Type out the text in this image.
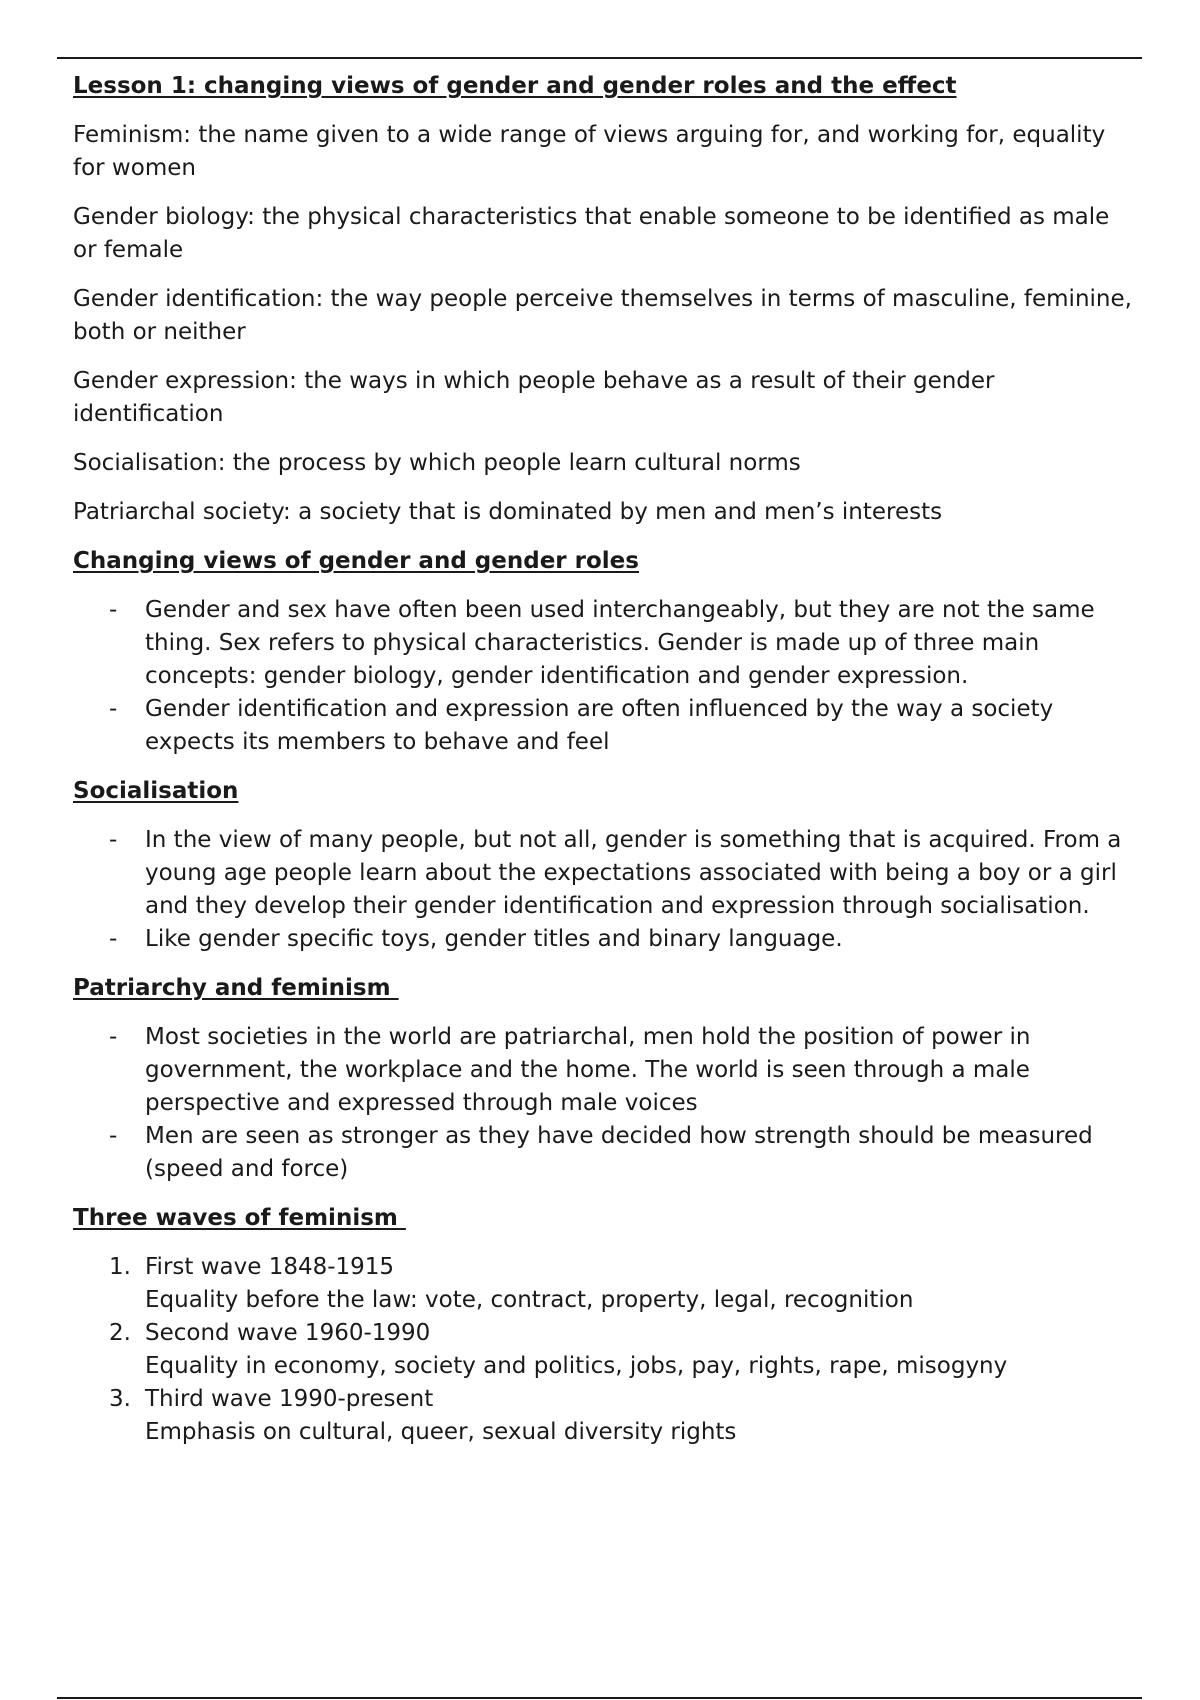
Lesson 1: changing views of gender and gender roles and the effect
Feminism: the name given to a wide range of views arguing for, and working for, equality for women
Gender biology: the physical characteristics that enable someone to be identified as male or female
Gender identification: the way people perceive themselves in terms of masculine, feminine, both or neither
Gender expression: the ways in which people behave as a result of their gender identification
Socialisation: the process by which people learn cultural norms
Patriarchal society: a society that is dominated by men and men’s interests
Changing views of gender and gender roles
- Gender and sex have often been used interchangeably, but they are not the same thing. Sex refers to physical characteristics. Gender is made up of three main concepts: gender biology, gender identification and gender expression.
- Gender identification and expression are often influenced by the way a society expects its members to behave and feel
Socialisation
- In the view of many people, but not all, gender is something that is acquired. From a young age people learn about the expectations associated with being a boy or a girl and they develop their gender identification and expression through socialisation.
- Like gender specific toys, gender titles and binary language.
Patriarchy and feminism
- Most societies in the world are patriarchal, men hold the position of power in government, the workplace and the home. The world is seen through a male perspective and expressed through male voices
- Men are seen as stronger as they have decided how strength should be measured (speed and force)
Three waves of feminism
1. First wave 1848-1915
Equality before the law: vote, contract, property, legal, recognition
2. Second wave 1960-1990
Equality in economy, society and politics, jobs, pay, rights, rape, misogyny
3. Third wave 1990-present
Emphasis on cultural, queer, sexual diversity rights
